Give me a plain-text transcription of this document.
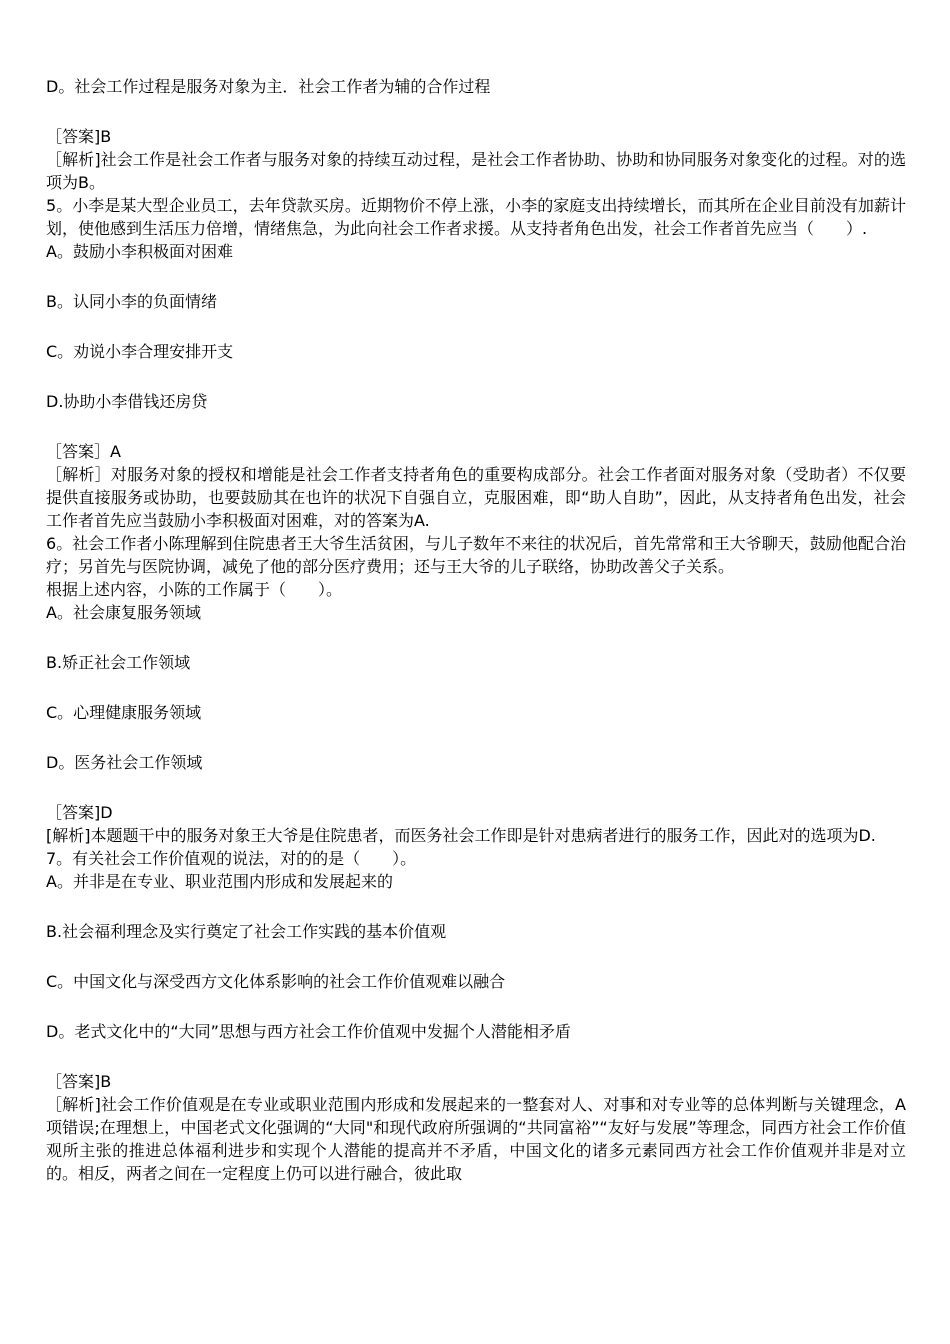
D。社会工作过程是服务对象为主．社会工作者为辅的合作过程

［答案]B

［解析]社会工作是社会工作者与服务对象的持续互动过程，是社会工作者协助、协助和协同服务对象变化的过程。对的选项为B。

5。小李是某大型企业员工，去年贷款买房。近期物价不停上涨，小李的家庭支出持续增长，而其所在企业目前没有加薪计划，使他感到生活压力倍增，情绪焦急，为此向社会工作者求援。从支持者角色出发，社会工作者首先应当（　　）.

A。鼓励小李积极面对困难

B。认同小李的负面情绪

C。劝说小李合理安排开支

D.协助小李借钱还房贷

［答案］A

［解析］对服务对象的授权和增能是社会工作者支持者角色的重要构成部分。社会工作者面对服务对象（受助者）不仅要提供直接服务或协助，也要鼓励其在也许的状况下自强自立，克服困难，即“助人自助”，因此，从支持者角色出发，社会工作者首先应当鼓励小李积极面对困难，对的答案为A.

6。社会工作者小陈理解到住院患者王大爷生活贫困，与儿子数年不来往的状况后，首先常常和王大爷聊天，鼓励他配合治疗；另首先与医院协调，减免了他的部分医疗费用；还与王大爷的儿子联络，协助改善父子关系。

根据上述内容，小陈的工作属于（　　）。

A。社会康复服务领域

B.矫正社会工作领域

C。心理健康服务领域

D。医务社会工作领域

［答案]D

[解析]本题题干中的服务对象王大爷是住院患者，而医务社会工作即是针对患病者进行的服务工作，因此对的选项为D.

7。有关社会工作价值观的说法，对的的是（　　）。

A。并非是在专业、职业范围内形成和发展起来的

B.社会福利理念及实行奠定了社会工作实践的基本价值观

C。中国文化与深受西方文化体系影响的社会工作价值观难以融合

D。老式文化中的“大同”思想与西方社会工作价值观中发掘个人潜能相矛盾

［答案]B

［解析]社会工作价值观是在专业或职业范围内形成和发展起来的一整套对人、对事和对专业等的总体判断与关键理念，A项错误;在理想上，中国老式文化强调的“大同"和现代政府所强调的“共同富裕”“友好与发展”等理念，同西方社会工作价值观所主张的推进总体福利进步和实现个人潜能的提高并不矛盾，中国文化的诸多元素同西方社会工作价值观并非是对立的。相反，两者之间在一定程度上仍可以进行融合，彼此取
